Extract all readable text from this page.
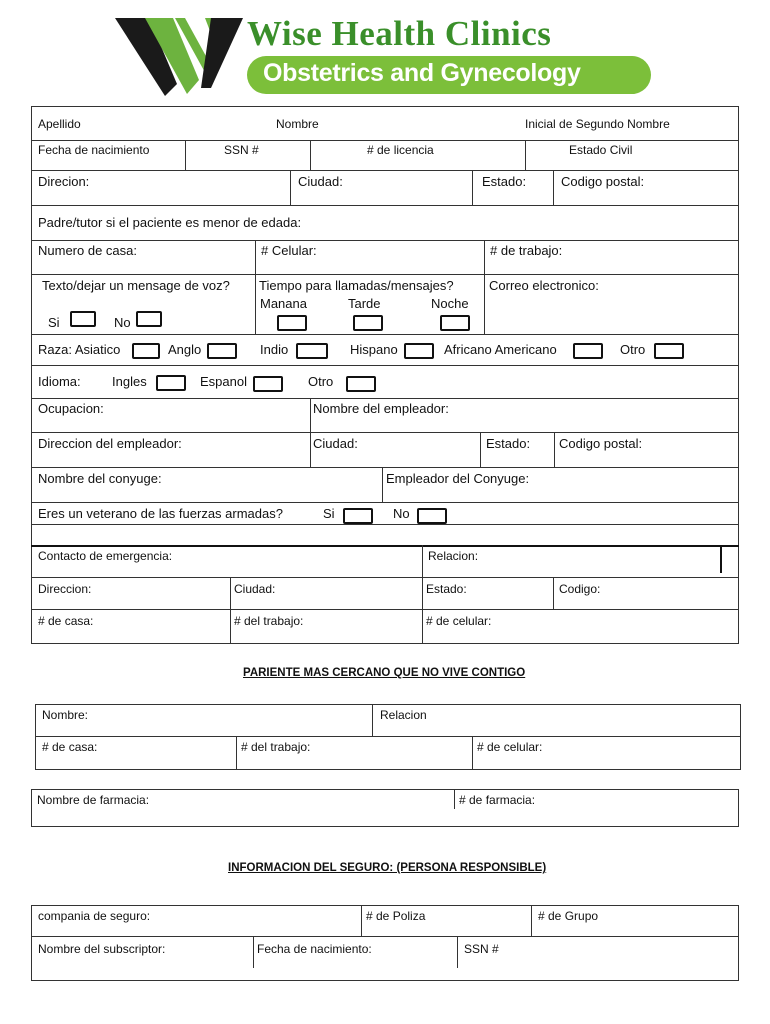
Wise Health Clinics
Obstetrics and Gynecology
Apellido	Nombre	Inicial de Segundo Nombre
Fecha de nacimiento	SSN #	# de licencia	Estado Civil
Direcion:	Ciudad:	Estado:	Codigo postal:
Padre/tutor si el paciente es menor de edada:
Numero de casa:	# Celular:	# de trabajo:
Texto/dejar un mensage de voz?
Si	No
Tiempo para llamadas/mensajes?
Manana	Tarde	Noche
Correo electronico:
Raza: Asiatico	Anglo	Indio	Hispano	Africano Americano	Otro
Idioma: Ingles	Espanol	Otro
Ocupacion:	Nombre del empleador:
Direccion del empleador:	Ciudad:	Estado: Codigo postal:
Nombre del conyuge:	Empleador del Conyuge:
Eres un veterano de las fuerzas armadas?	Si	No
Contacto de emergencia:	Relacion:
Direccion:	Ciudad:	Estado:	Codigo:
# de casa:	# del trabajo:	# de celular:
PARIENTE MAS CERCANO QUE NO VIVE CONTIGO
Nombre:	Relacion
# de casa:	# del trabajo:	# de celular:
Nombre de farmacia:	# de farmacia:
INFORMACION DEL SEGURO: (PERSONA RESPONSIBLE)
compania de seguro:	# de Poliza	# de Grupo
Nombre del subscriptor:	Fecha de nacimiento:	SSN #
